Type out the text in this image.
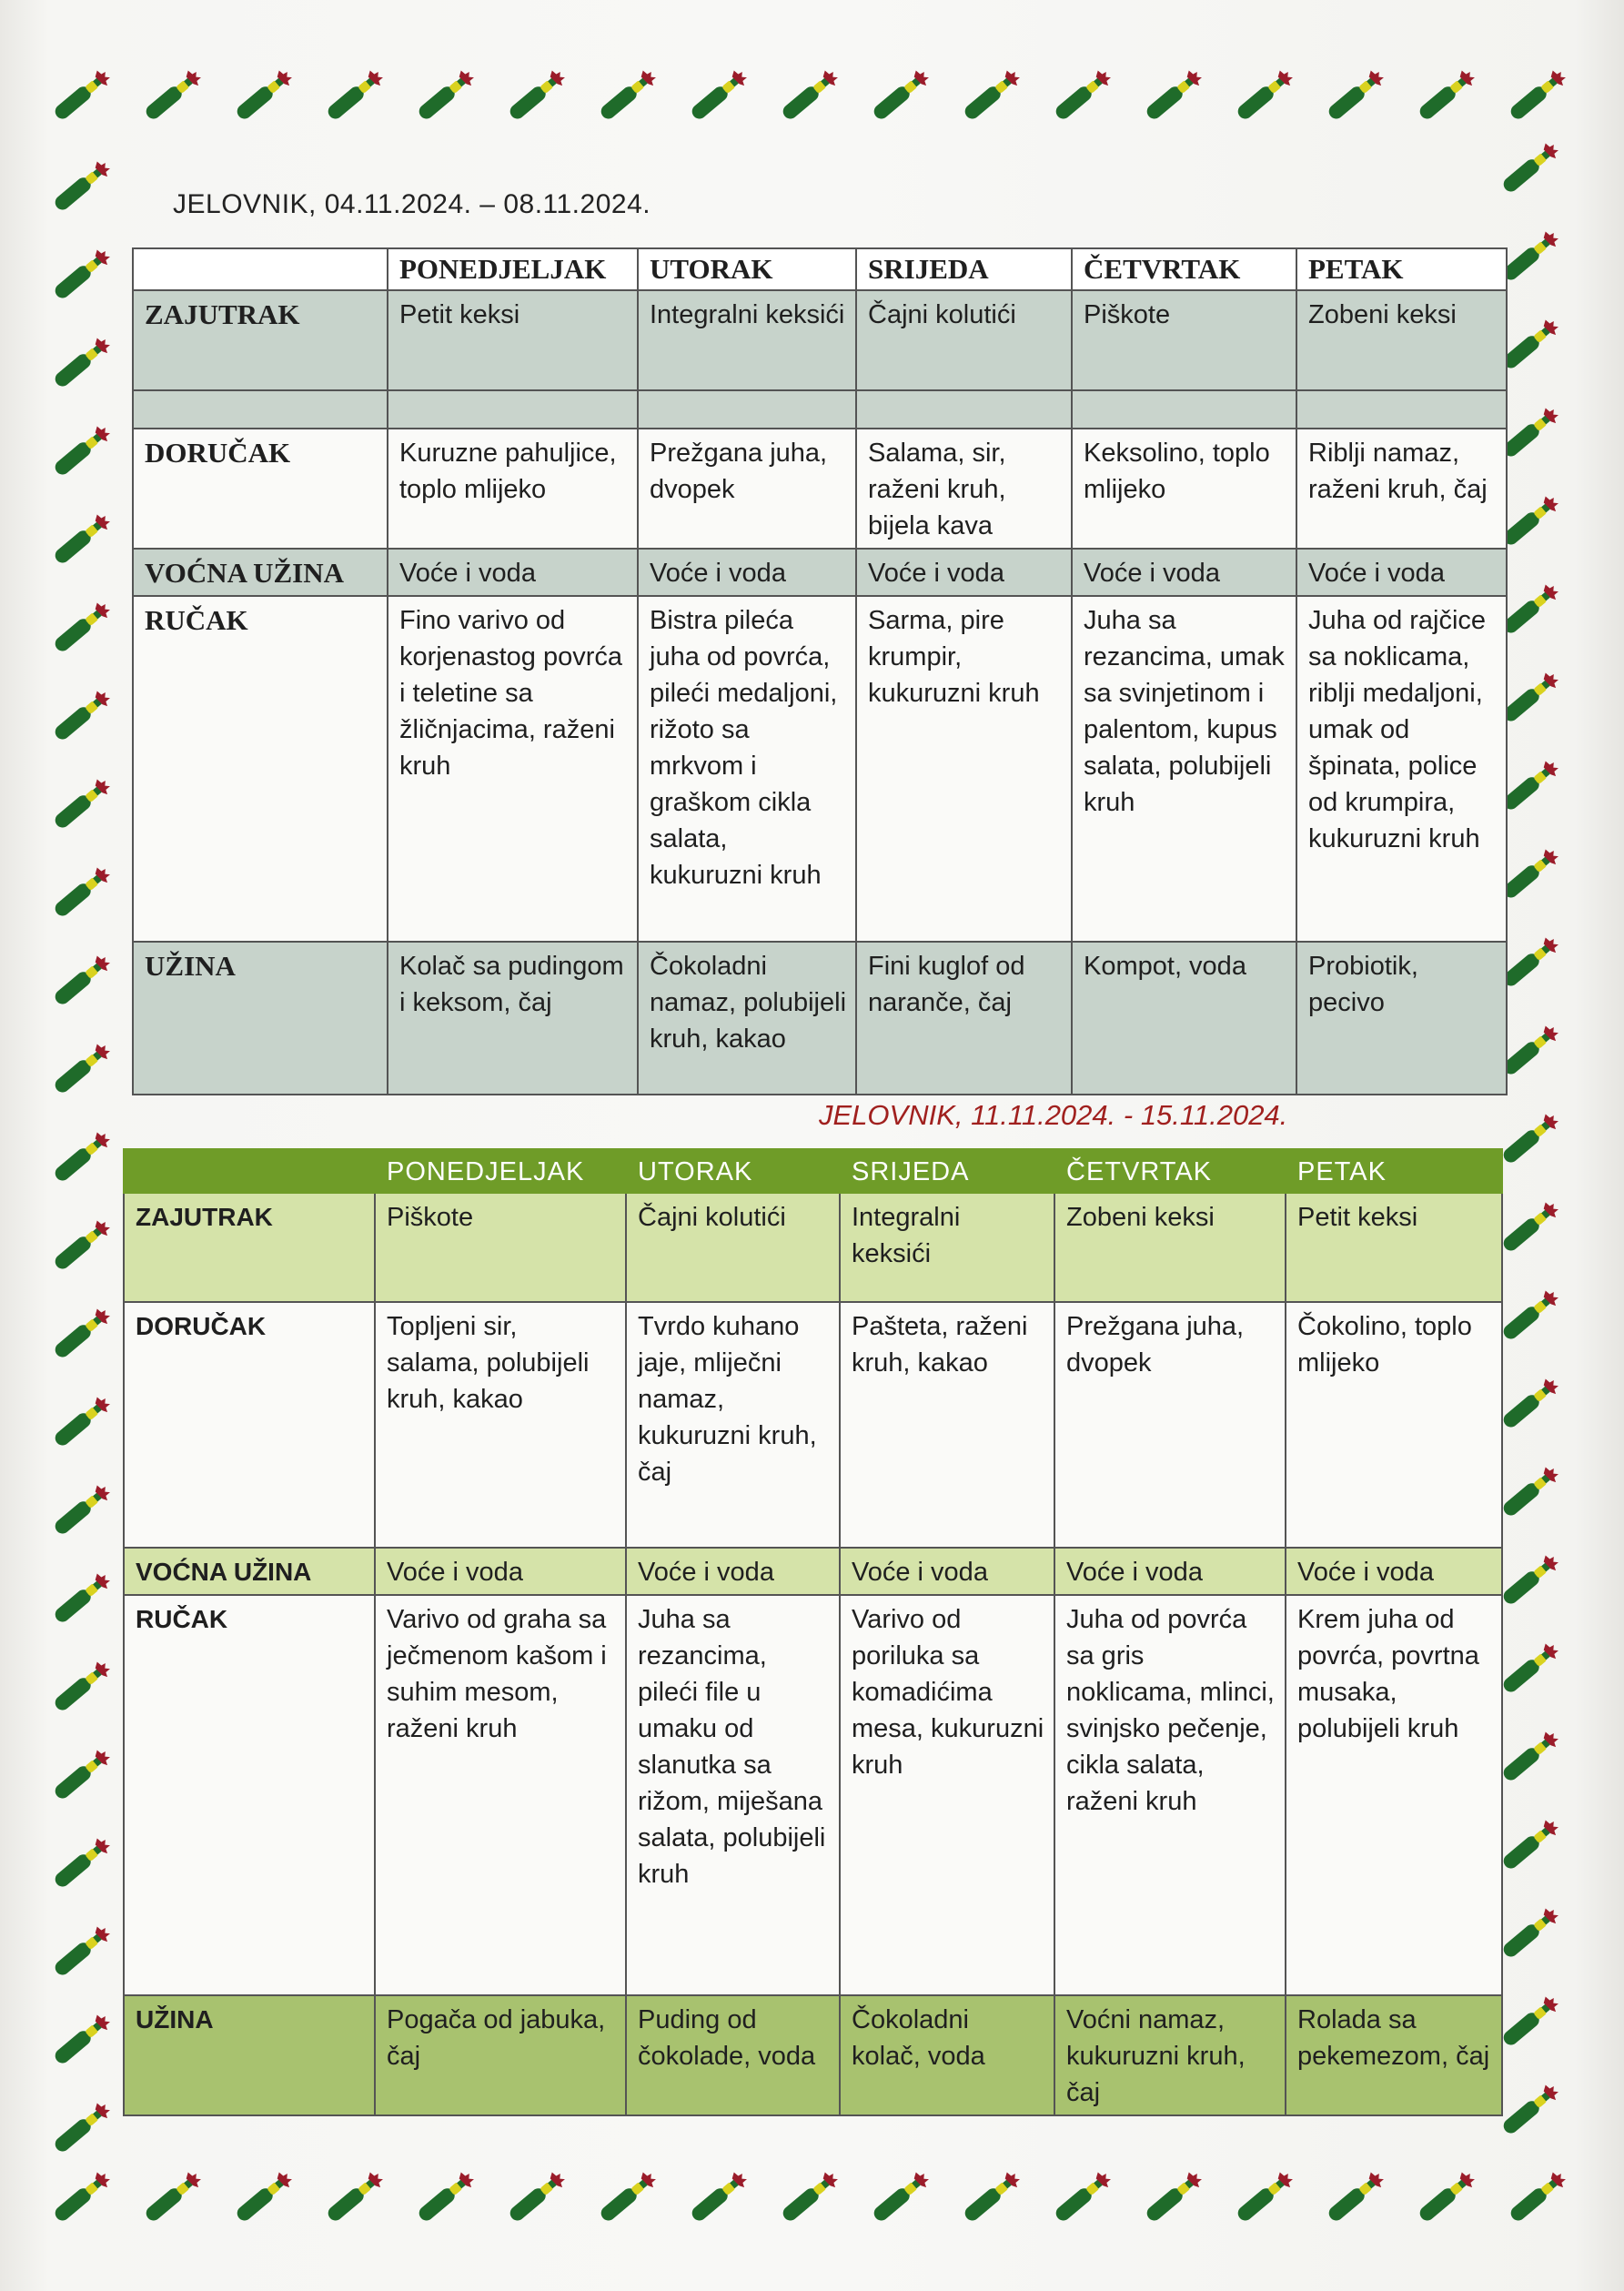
JELOVNIK, 04.11.2024. – 08.11.2024.
	PONEDJELJAK	UTORAK	SRIJEDA	ČETVRTAK	PETAK
ZAJUTRAK	Petit keksi	Integralni keksići	Čajni kolutići	Piškote	Zobeni keksi

DORUČAK	Kuruzne pahuljice, toplo mlijeko	Prežgana juha, dvopek	Salama, sir, raženi kruh, bijela kava	Keksolino, toplo mlijeko	Riblji namaz, raženi kruh, čaj
VOĆNA UŽINA	Voće i voda	Voće i voda	Voće i voda	Voće i voda	Voće i voda
RUČAK	Fino varivo od korjenastog povrća i teletine sa žličnjacima, raženi kruh	Bistra pileća juha od povrća, pileći medaljoni, rižoto sa mrkvom i graškom cikla salata, kukuruzni kruh	Sarma, pire krumpir, kukuruzni kruh	Juha sa rezancima, umak sa svinjetinom i palentom, kupus salata, polubijeli kruh	Juha od rajčice sa noklicama, riblji medaljoni, umak od špinata, police od krumpira, kukuruzni kruh
UŽINA	Kolač sa pudingom i keksom, čaj	Čokoladni namaz, polubijeli kruh, kakao	Fini kuglof od naranče, čaj	Kompot, voda	Probiotik, pecivo
JELOVNIK, 11.11.2024. - 15.11.2024.
	PONEDJELJAK	UTORAK	SRIJEDA	ČETVRTAK	PETAK
ZAJUTRAK	Piškote	Čajni kolutići	Integralni keksići	Zobeni keksi	Petit keksi
DORUČAK	Topljeni sir, salama, polubijeli kruh, kakao	Tvrdo kuhano jaje, mliječni namaz, kukuruzni kruh, čaj	Pašteta, raženi kruh, kakao	Prežgana juha, dvopek	Čokolino, toplo mlijeko
VOĆNA UŽINA	Voće i voda	Voće i voda	Voće i voda	Voće i voda	Voće i voda
RUČAK	Varivo od graha sa ječmenom kašom i suhim mesom, raženi kruh	Juha sa rezancima, pileći file u umaku od slanutka sa rižom, miješana salata, polubijeli kruh	Varivo od poriluka sa komadićima mesa, kukuruzni kruh	Juha od povrća sa gris noklicama, mlinci, svinjsko pečenje, cikla salata, raženi kruh	Krem juha od povrća, povrtna musaka, polubijeli kruh
UŽINA	Pogača od jabuka, čaj	Puding od čokolade, voda	Čokoladni kolač, voda	Voćni namaz, kukuruzni kruh, čaj	Rolada sa pekemezom, čaj
